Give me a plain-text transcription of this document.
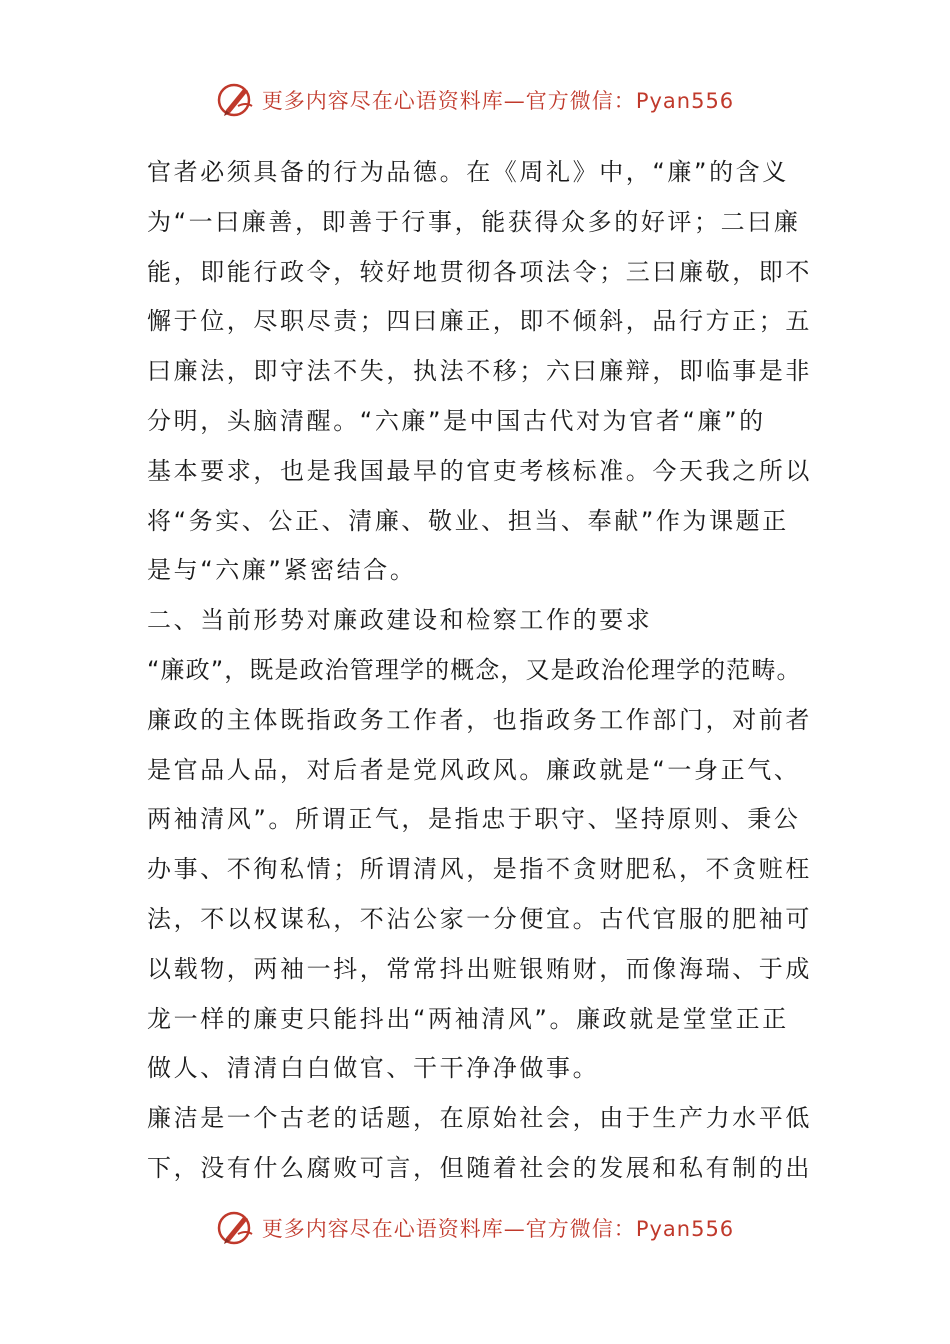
更多内容尽在心语资料库—官方微信：Pyan556
官者必须具备的行为品德。在《周礼》中，“廉”的含义
为“一曰廉善，即善于行事，能获得众多的好评；二曰廉
能，即能行政令，较好地贯彻各项法令；三曰廉敬，即不
懈于位，尽职尽责；四曰廉正，即不倾斜，品行方正；五
曰廉法，即守法不失，执法不移；六曰廉辩，即临事是非
分明，头脑清醒。“六廉”是中国古代对为官者“廉”的
基本要求，也是我国最早的官吏考核标准。今天我之所以
将“务实、公正、清廉、敬业、担当、奉献”作为课题正
是与“六廉”紧密结合。
二、当前形势对廉政建设和检察工作的要求
“廉政”，既是政治管理学的概念，又是政治伦理学的范畴。
廉政的主体既指政务工作者，也指政务工作部门，对前者
是官品人品，对后者是党风政风。廉政就是“一身正气、
两袖清风”。所谓正气，是指忠于职守、坚持原则、秉公
办事、不徇私情；所谓清风，是指不贪财肥私，不贪赃枉
法，不以权谋私，不沾公家一分便宜。古代官服的肥袖可
以载物，两袖一抖，常常抖出赃银贿财，而像海瑞、于成
龙一样的廉吏只能抖出“两袖清风”。廉政就是堂堂正正
做人、清清白白做官、干干净净做事。
廉洁是一个古老的话题，在原始社会，由于生产力水平低
下，没有什么腐败可言，但随着社会的发展和私有制的出
更多内容尽在心语资料库—官方微信：Pyan556
